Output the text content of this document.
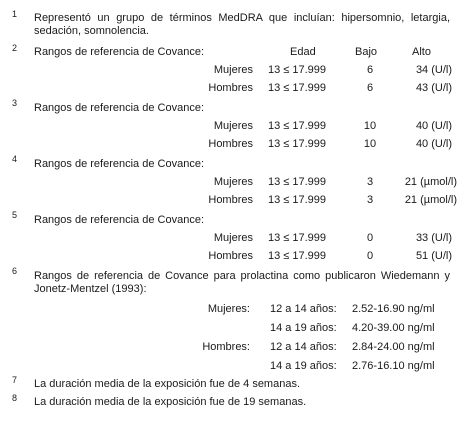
1 Representó un grupo de términos MedDRA que incluían: hipersomnio, letargia, sedación, somnolencia.
2 Rangos de referencia de Covance:	Edad	Bajo	Alto
Mujeres 13 ≤ 17.999	6	34 (U/l)
Hombres 13 ≤ 17.999	6	43 (U/l)
3 Rangos de referencia de Covance:
Mujeres 13 ≤ 17.999	10	40 (U/l)
Hombres 13 ≤ 17.999	10	40 (U/l)
4 Rangos de referencia de Covance:
Mujeres 13 ≤ 17.999	3	21 (µmol/l)
Hombres 13 ≤ 17.999	3	21 (µmol/l)
5 Rangos de referencia de Covance:
Mujeres 13 ≤ 17.999	0	33 (U/l)
Hombres 13 ≤ 17.999	0	51 (U/l)
6 Rangos de referencia de Covance para prolactina como publicaron Wiedemann y Jonetz-Mentzel (1993):
Mujeres: 12 a 14 años: 2.52-16.90 ng/ml
14 a 19 años: 4.20-39.00 ng/ml
Hombres: 12 a 14 años: 2.84-24.00 ng/ml
14 a 19 años: 2.76-16.10 ng/ml
7 La duración media de la exposición fue de 4 semanas.
8 La duración media de la exposición fue de 19 semanas.
